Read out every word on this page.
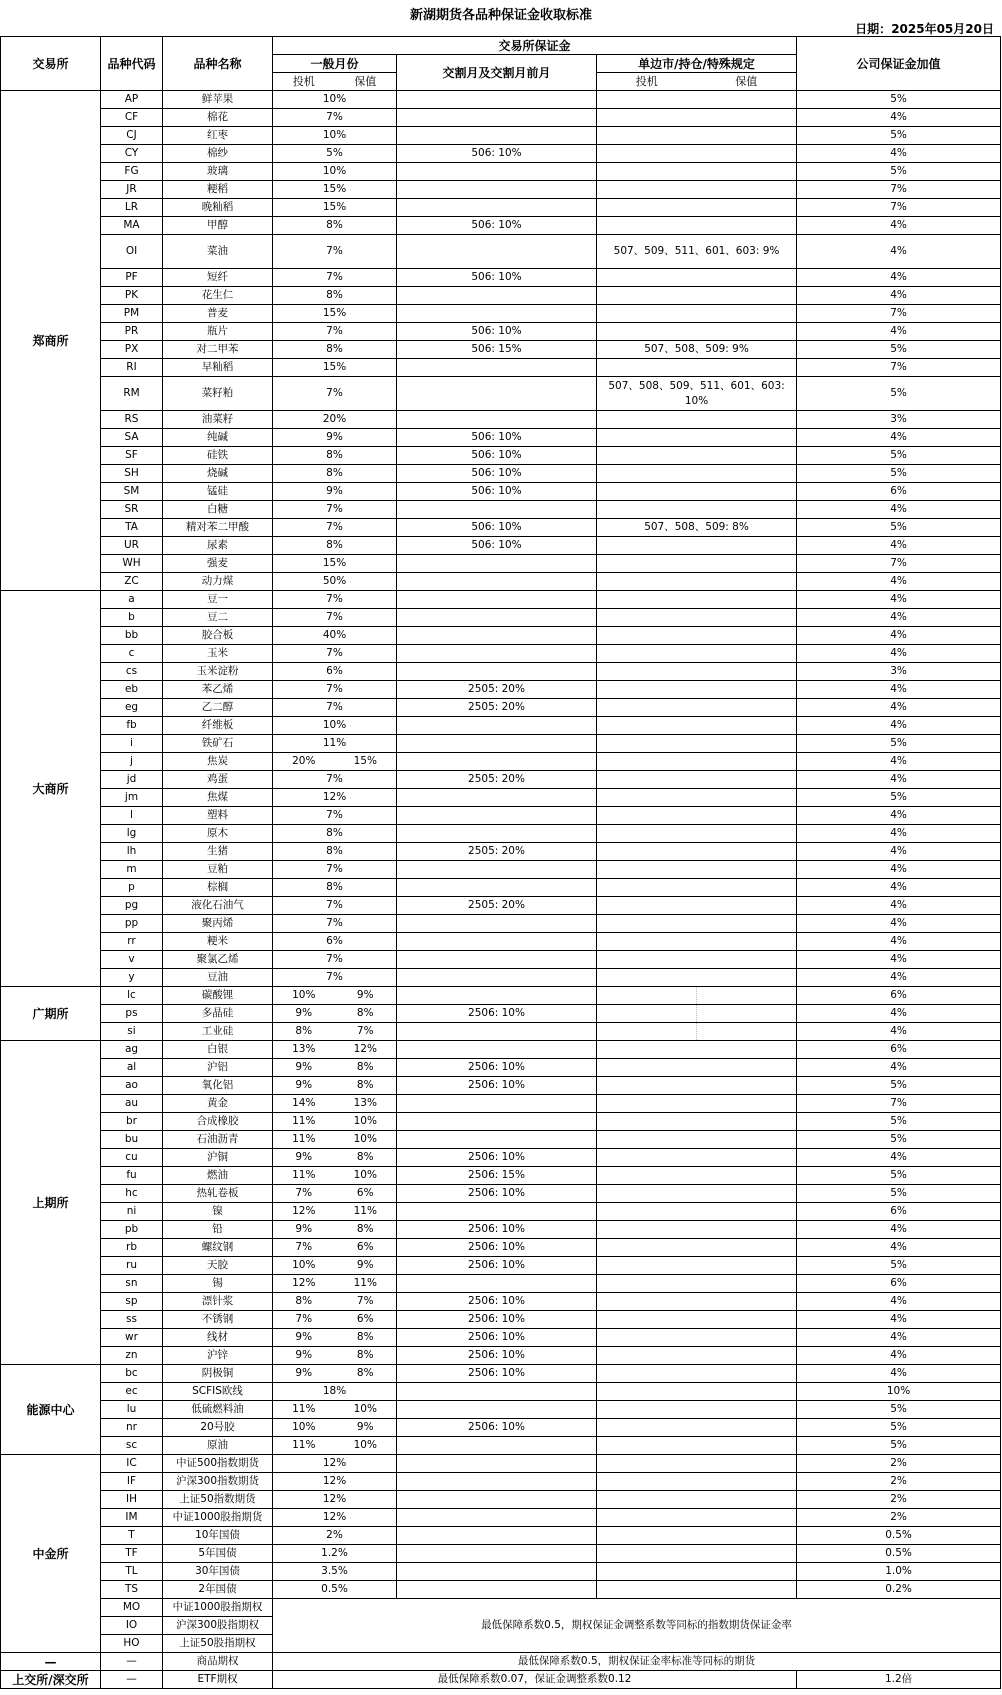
新湖期货各品种保证金收取标准
日期：2025年05月20日
交易所	品种代码	品种名称	交易所保证金					公司保证金加值
			一般月份		交割月及交割月前月	单边市/持仓/特殊规定		
			投机	保值		投机	保值	
郑商所	AP	鲜苹果	10%					5%
	CF	棉花	7%					4%
	CJ	红枣	10%					5%
	CY	棉纱	5%		506: 10%			4%
	FG	玻璃	10%					5%
	JR	粳稻	15%					7%
	LR	晚籼稻	15%					7%
	MA	甲醇	8%		506: 10%			4%
	OI	菜油	7%			507、509、511、601、603: 9%		4%
	PF	短纤	7%		506: 10%			4%
	PK	花生仁	8%					4%
	PM	普麦	15%					7%
	PR	瓶片	7%		506: 10%			4%
	PX	对二甲苯	8%		506: 15%	507、508、509: 9%		5%
	RI	早籼稻	15%					7%
	RM	菜籽粕	7%			507、508、509、511、601、603: 10%		5%
	RS	油菜籽	20%					3%
	SA	纯碱	9%		506: 10%			4%
	SF	硅铁	8%		506: 10%			5%
	SH	烧碱	8%		506: 10%			5%
	SM	锰硅	9%		506: 10%			6%
	SR	白糖	7%					4%
	TA	精对苯二甲酸	7%		506: 10%	507、508、509: 8%		5%
	UR	尿素	8%		506: 10%			4%
	WH	强麦	15%					7%
	ZC	动力煤	50%					4%
大商所	a	豆一	7%					4%
	b	豆二	7%					4%
	bb	胶合板	40%					4%
	c	玉米	7%					4%
	cs	玉米淀粉	6%					3%
	eb	苯乙烯	7%		2505: 20%			4%
	eg	乙二醇	7%		2505: 20%			4%
	fb	纤维板	10%					4%
	i	铁矿石	11%					5%
	j	焦炭	20%	15%				4%
	jd	鸡蛋	7%		2505: 20%			4%
	jm	焦煤	12%					5%
	l	塑料	7%					4%
	lg	原木	8%					4%
	lh	生猪	8%		2505: 20%			4%
	m	豆粕	7%					4%
	p	棕榈	8%					4%
	pg	液化石油气	7%		2505: 20%			4%
	pp	聚丙烯	7%					4%
	rr	粳米	6%					4%
	v	聚氯乙烯	7%					4%
	y	豆油	7%					4%
广期所	lc	碳酸锂	10%	9%				6%
	ps	多晶硅	9%	8%	2506: 10%			4%
	si	工业硅	8%	7%				4%
上期所	ag	白银	13%	12%				6%
	al	沪铝	9%	8%	2506: 10%			4%
	ao	氧化铝	9%	8%	2506: 10%			5%
	au	黄金	14%	13%				7%
	br	合成橡胶	11%	10%				5%
	bu	石油沥青	11%	10%				5%
	cu	沪铜	9%	8%	2506: 10%			4%
	fu	燃油	11%	10%	2506: 15%			5%
	hc	热轧卷板	7%	6%	2506: 10%			5%
	ni	镍	12%	11%				6%
	pb	铅	9%	8%	2506: 10%			4%
	rb	螺纹钢	7%	6%	2506: 10%			4%
	ru	天胶	10%	9%	2506: 10%			5%
	sn	锡	12%	11%				6%
	sp	漂针浆	8%	7%	2506: 10%			4%
	ss	不锈钢	7%	6%	2506: 10%			4%
	wr	线材	9%	8%	2506: 10%			4%
	zn	沪锌	9%	8%	2506: 10%			4%
能源中心	bc	阴极铜	9%	8%	2506: 10%			4%
	ec	SCFIS欧线	18%					10%
	lu	低硫燃料油	11%	10%				5%
	nr	20号胶	10%	9%	2506: 10%			5%
	sc	原油	11%	10%				5%
中金所	IC	中证500指数期货	12%					2%
	IF	沪深300指数期货	12%					2%
	IH	上证50指数期货	12%					2%
	IM	中证1000股指期货	12%					2%
	T	10年国债	2%					0.5%
	TF	5年国债	1.2%					0.5%
	TL	30年国债	3.5%					1.0%
	TS	2年国债	0.5%					0.2%
	MO	中证1000股指期权	最低保障系数0.5，期权保证金调整系数等同标的指数期货保证金率					
	IO	沪深300股指期权						
	HO	上证50股指期权						
—	—	商品期权	最低保障系数0.5，期权保证金率标准等同标的期货					
上交所/深交所	—	ETF期权	最低保障系数0.07，保证金调整系数0.12					1.2倍
